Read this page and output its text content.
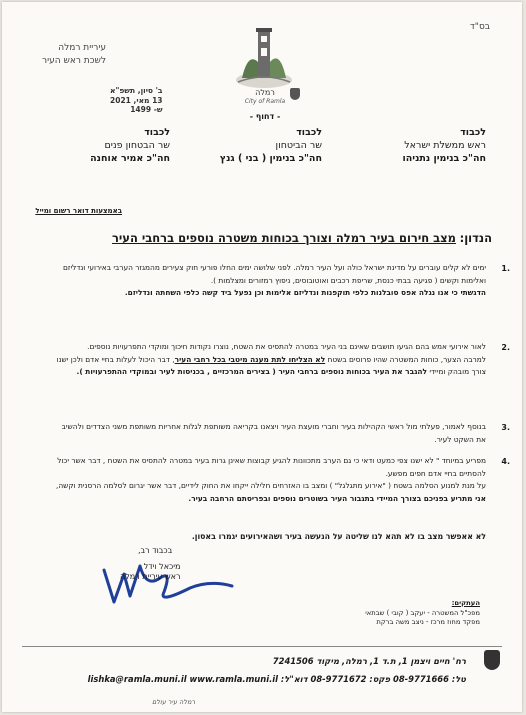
בס"ד
עיריית רמלה
לשכת ראש העיר
רמלה
City of Ramla
ב' סיון, תשפ"א
13 מאי, 2021
ש- 1499
- דחוף -
לכבוד
ראש ממשלת ישראל
חה"כ בנימין נתניהו
לכבוד
שר הביטחון
חה"כ בנימין ( בני ) גנץ
לכבוד
שר הבטחון פנים
חה"כ אמיר אוחנה
באמצעות דואר רשום ומייל
הנדון: מצב חירום בעיר רמלה וצורך בכוחות משטרה נוספים ברחבי העיר
1.
ימים לא קלים עוברים על מדינת ישראל כולה ועל העיר רמלה. לפני שלושה ימים החלו פורעי חוק צעירים מהמגזר הערבי באירועי ונדליזם ואלימות וקשים ( פגיעה בבתי כנסת, שריפת רכבים ואוטובוסים, ניפוץ רמזורים ומצלמות ).
הדגשתי כי אנו נגלה אפס סובלנות כלפי תוקפנות ונדליזם אלימות וכן נפעל ביד קשה כלפי השחתה ונדליזם.
2.
לאור אירועי אמש בהם הגיעו תושבים שאינם בני העיר במטרה להתסיס את השטח, נוצרו נקודות חיכוך ומוקדי התפרעויות נוספים.
למרבה הצער, כוחות המשטרה שהיו פרוסים בשטח לא הצליחו לתת מענה מיטבי בכל רחבי העיר, דבר היכול לעלות בחיי אדם ולכן ישנו צורך מובהק ומיידי להגבר את העיר בכוחות נוספים ברחבי העיר ( בצירים המרכזיים , בכניסות לעיר ובמוקדי ההתפרעויות ).
3.
בנוסף לאמור, פעלתי מול ראשי הקהילות בעיר וחברי מועצת העיר ויצאנו בקריאה משותפת לגלות אחריות משותפת משני הצדדים ולהשיב את השקט לעיר.
4.
מפריע במיוחד " לא ישנו צפי כמעט ודאי כי גם הערב מתכוונות להגיע קבוצות שאינן גרות בעיר במטרה להתסיס את השטח , דבר אשר יכול להסתיים בחיי אדם חפים מפשע.
על מנת למנוע הסלמה בשטח ( "אירוע מתגלגל" ) ומצב בו האזרחים חלילה ייקחו את החוק לידיים, דבר אשר יגרום לסלמה הרסנית וקשה, אני מתריע בפניכם בצורך המיידי בתגבור העיר בשוטרים נוספים ובפריסתם הרחבה בעיר.
לא אאפשר מצב בו לא תהא לנו שליטה על הנעשה בעיר ושהאירועים יגמרו באסון.
בכבוד רב,
מיכאל וידל
ראש עיריית רמלה
העתקים:
מפכ"ל המשטרה - יעקב ( קובי ) שבתאי
מפקד מחוז מרכז - ניצב משה ברקת
רח' חיים ויצמן 1, ת.ד 1, רמלה, מיקוד 7241506
טל: 08-9771666 פקס: 08-9771672 דוא"ל: lishka@ramla.muni.il www.ramla.muni.il
רמלה עיר עולם
